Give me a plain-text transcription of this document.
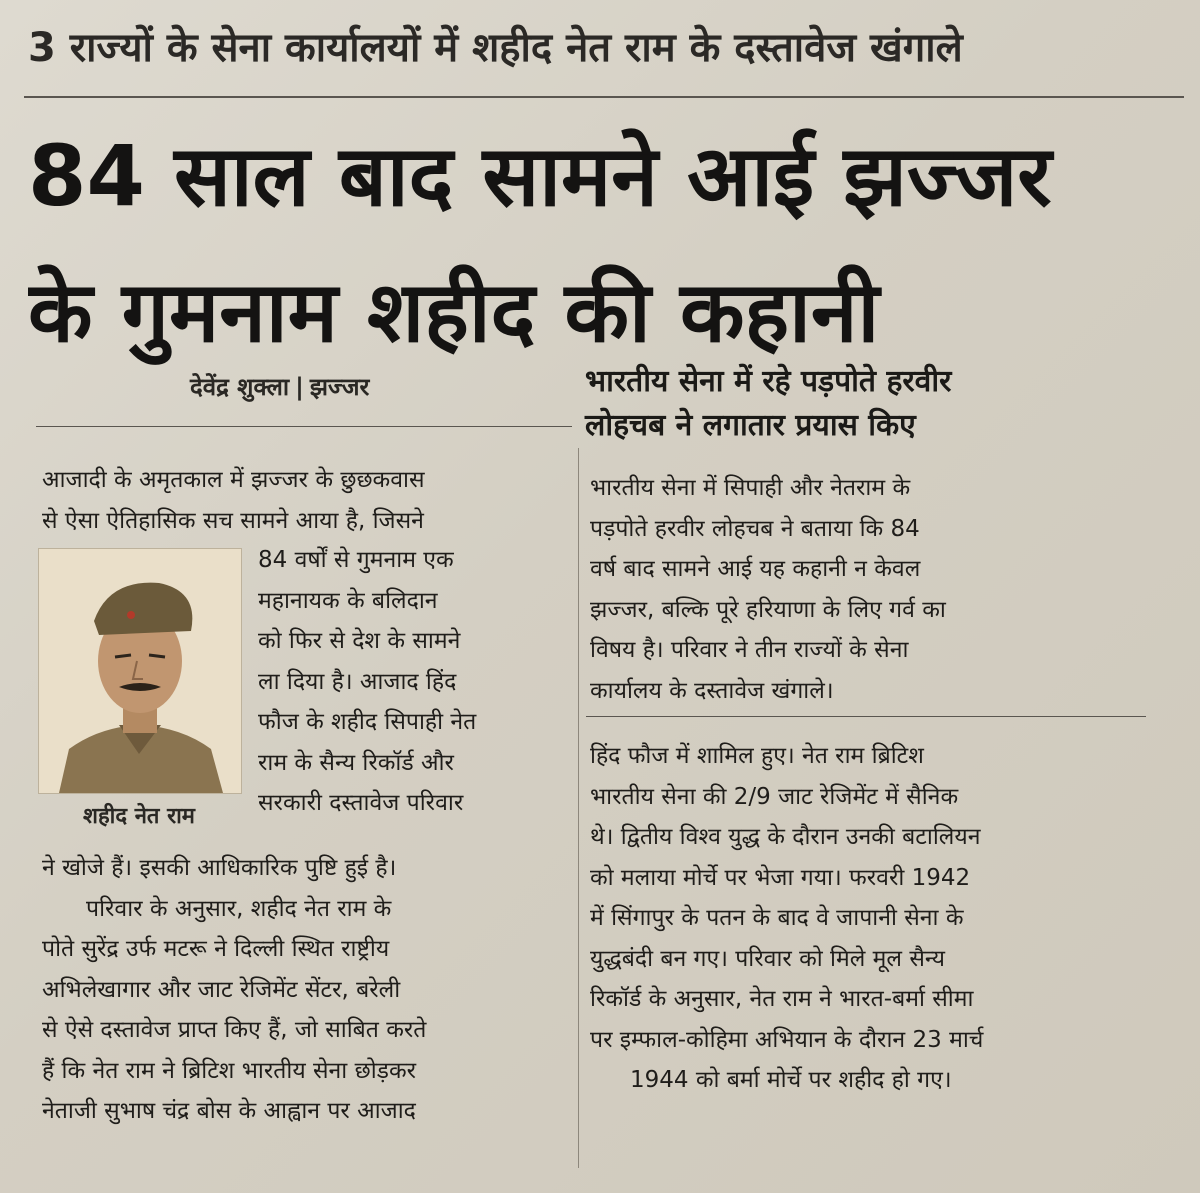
3 राज्यों के सेना कार्यालयों में शहीद नेत राम के दस्तावेज खंगाले
84 साल बाद सामने आई झज्जर
के गुमनाम शहीद की कहानी
देवेंद्र शुक्ला | झज्जर	भारतीय सेना में रहे पड़पोते हरवीर
लोहचब ने लगातार प्रयास किए
आजादी के अमृतकाल में झज्जर के छुछकवास
से ऐसा ऐतिहासिक सच सामने आया है, जिसने
शहीद नेत राम
84 वर्षों से गुमनाम एक
महानायक के बलिदान
को फिर से देश के सामने
ला दिया है। आजाद हिंद
फौज के शहीद सिपाही नेत
राम के सैन्य रिकॉर्ड और
सरकारी दस्तावेज परिवार
ने खोजे हैं। इसकी आधिकारिक पुष्टि हुई है।
परिवार के अनुसार, शहीद नेत राम के
पोते सुरेंद्र उर्फ मटरू ने दिल्ली स्थित राष्ट्रीय
अभिलेखागार और जाट रेजिमेंट सेंटर, बरेली
से ऐसे दस्तावेज प्राप्त किए हैं, जो साबित करते
हैं कि नेत राम ने ब्रिटिश भारतीय सेना छोड़कर
नेताजी सुभाष चंद्र बोस के आह्वान पर आजाद
भारतीय सेना में सिपाही और नेतराम के
पड़पोते हरवीर लोहचब ने बताया कि 84
वर्ष बाद सामने आई यह कहानी न केवल
झज्जर, बल्कि पूरे हरियाणा के लिए गर्व का
विषय है। परिवार ने तीन राज्यों के सेना
कार्यालय के दस्तावेज खंगाले।
हिंद फौज में शामिल हुए। नेत राम ब्रिटिश
भारतीय सेना की 2/9 जाट रेजिमेंट में सैनिक
थे। द्वितीय विश्व युद्ध के दौरान उनकी बटालियन
को मलाया मोर्चे पर भेजा गया। फरवरी 1942
में सिंगापुर के पतन के बाद वे जापानी सेना के
युद्धबंदी बन गए। परिवार को मिले मूल सैन्य
रिकॉर्ड के अनुसार, नेत राम ने भारत-बर्मा सीमा
पर इम्फाल-कोहिमा अभियान के दौरान 23 मार्च
1944 को बर्मा मोर्चे पर शहीद हो गए।
